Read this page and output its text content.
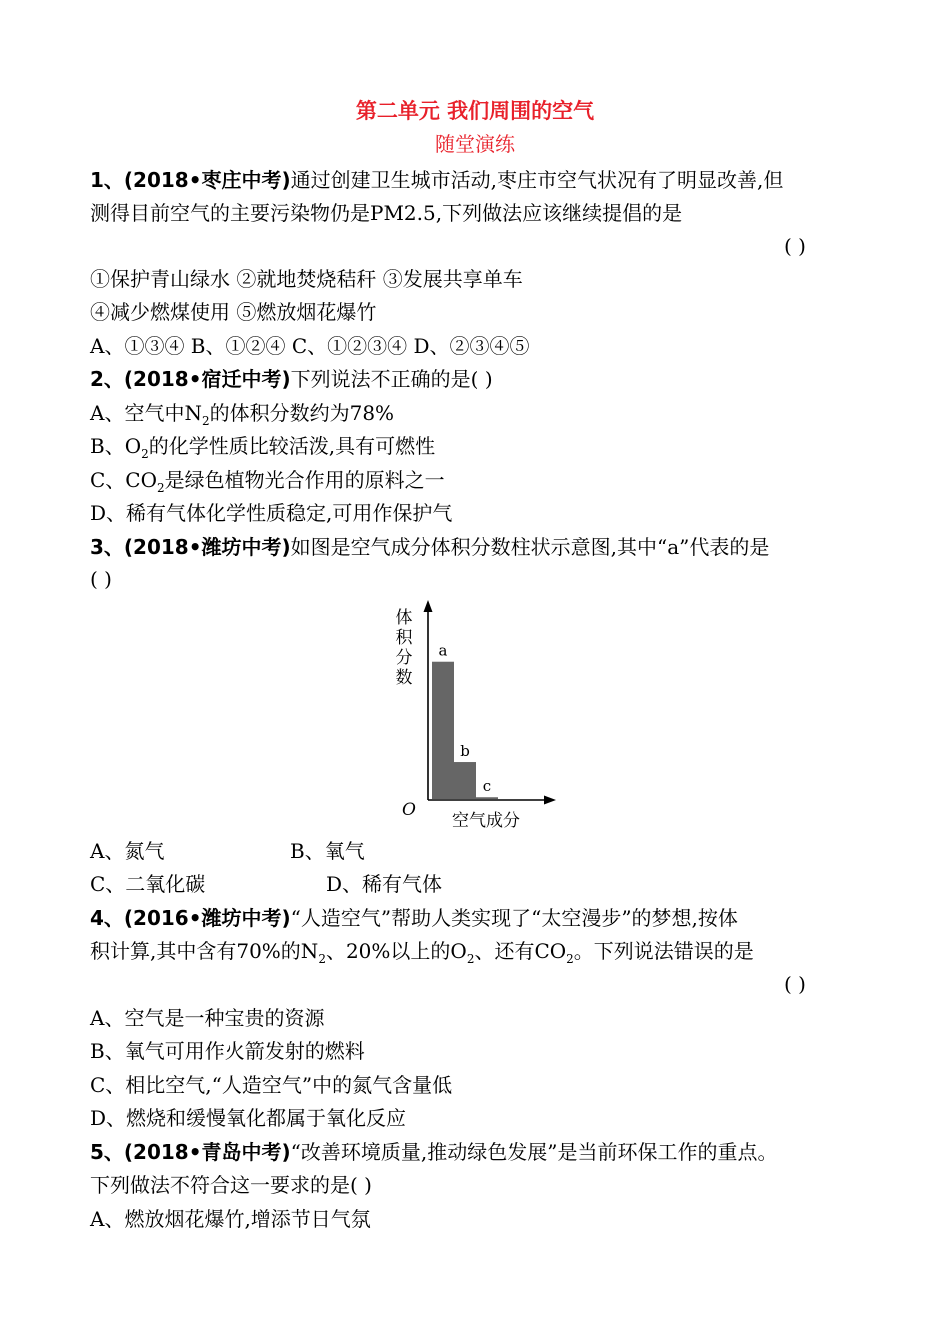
第二单元 我们周围的空气
随堂演练
1、(2018•枣庄中考)通过创建卫生城市活动,枣庄市空气状况有了明显改善,但
测得目前空气的主要污染物仍是PM2.5,下列做法应该继续提倡的是
( )
①保护青山绿水 ②就地焚烧秸秆 ③发展共享单车
④减少燃煤使用 ⑤燃放烟花爆竹
A、①③④ B、①②④ C、①②③④ D、②③④⑤
2、(2018•宿迁中考)下列说法不正确的是( )
A、空气中$N_2$的体积分数约为78%
B、$O_2$的化学性质比较活泼,具有可燃性
C、$CO_2$是绿色植物光合作用的原料之一
D、稀有气体化学性质稳定,可用作保护气
3、(2018•潍坊中考)如图是空气成分体积分数柱状示意图,其中“a”代表的是
( )
体
积
分
数
空气成分
O
a
b
c
A、氮气	B、氧气
C、二氧化碳	D、稀有气体
4、(2016•潍坊中考)“人造空气”帮助人类实现了“太空漫步”的梦想,按体
积计算,其中含有70%的$N_2$、20%以上的$O_2$、还有$CO_2$。下列说法错误的是
( )
A、空气是一种宝贵的资源
B、氧气可用作火箭发射的燃料
C、相比空气,“人造空气”中的氮气含量低
D、燃烧和缓慢氧化都属于氧化反应
5、(2018•青岛中考)“改善环境质量,推动绿色发展”是当前环保工作的重点。
下列做法不符合这一要求的是( )
A、燃放烟花爆竹,增添节日气氛
